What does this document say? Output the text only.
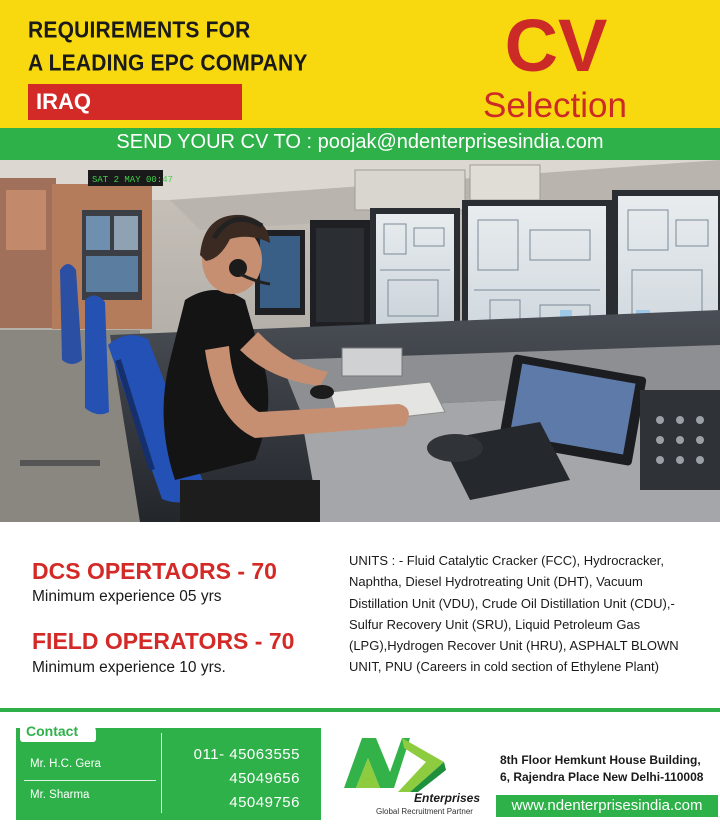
REQUIREMENTS FOR
A LEADING EPC COMPANY
IRAQ
CV
Selection
SEND YOUR CV TO : poojak@ndenterprisesindia.com
SAT 2 MAY 00:47
DCS OPERTAORS - 70
Minimum experience 05 yrs
FIELD OPERATORS - 70
Minimum experience 10 yrs.
UNITS : - Fluid Catalytic Cracker (FCC), Hydrocracker, Naphtha, Diesel Hydrotreating Unit (DHT), Vacuum Distillation Unit (VDU), Crude Oil Distillation Unit (CDU),- Sulfur Recovery Unit (SRU), Liquid Petroleum Gas (LPG),Hydrogen Recover Unit (HRU), ASPHALT BLOWN UNIT, PNU (Careers in cold section of Ethylene Plant)
Contact
Mr. H.C. Gera
Mr. Sharma
011- 45063555
45049656
45049756	Enterprises
Global Recruitment Partner
8th Floor Hemkunt House Building,
6, Rajendra Place New Delhi-110008
www.ndenterprisesindia.com
